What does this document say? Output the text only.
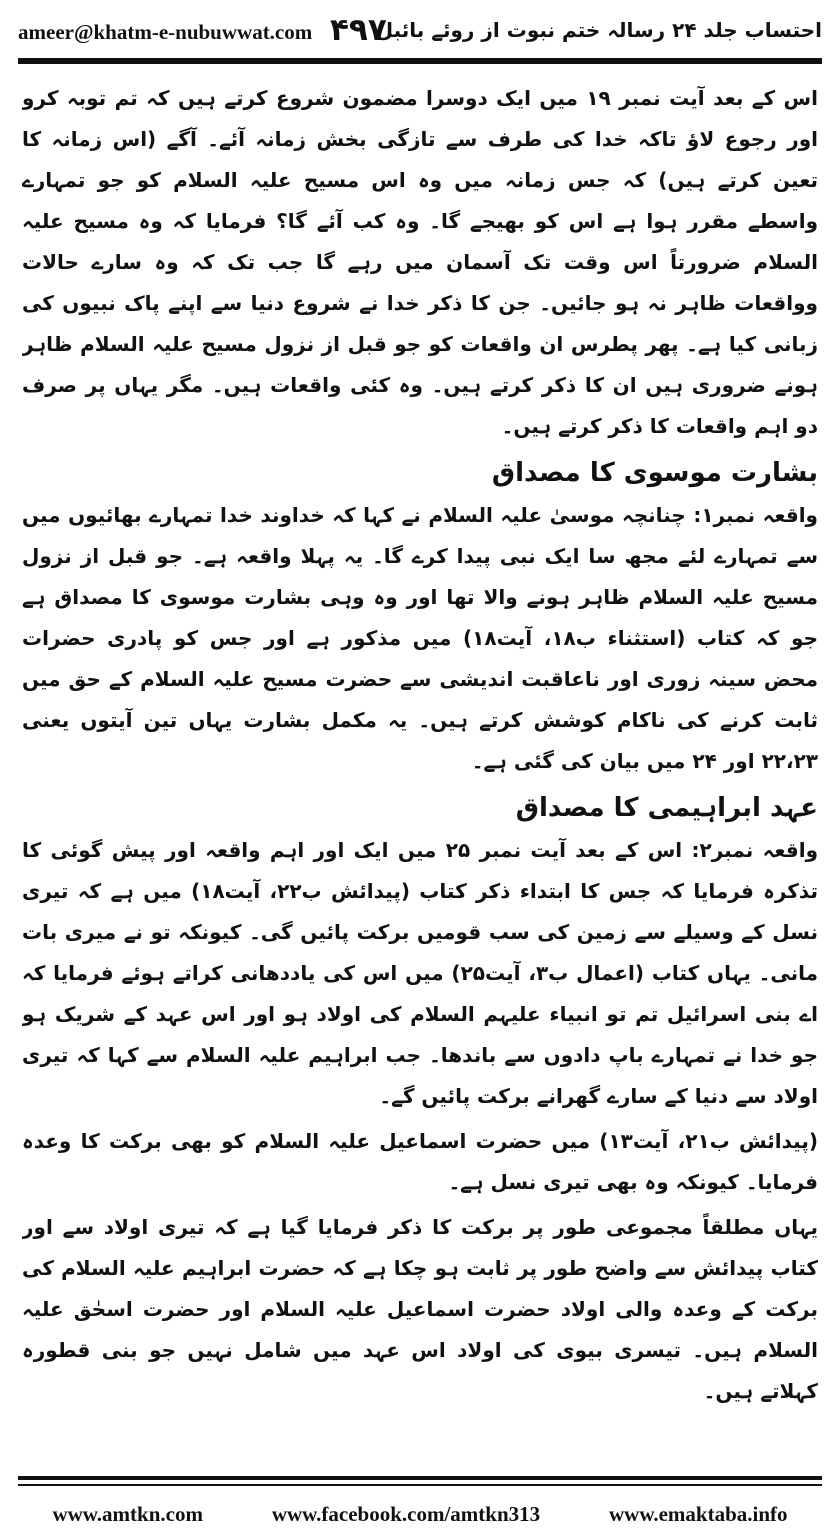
ameer@khatm-e-nubuwwat.com ۴۹۷
احتساب جلد ۲۴ رسالہ ختم نبوت از روئے بائبل

اس کے بعد آیت نمبر ۱۹ میں ایک دوسرا مضمون شروع کرتے ہیں کہ تم توبہ کرو اور رجوع لاؤ تاکہ خدا کی طرف سے تازگی بخش زمانہ آئے۔ آگے (اس زمانہ کا تعین کرتے ہیں) کہ جس زمانہ میں وہ اس مسیح علیہ السلام کو جو تمہارے واسطے مقرر ہوا ہے اس کو بھیجے گا۔ وہ کب آئے گا؟ فرمایا کہ وہ مسیح علیہ السلام ضرورتاً اس وقت تک آسمان میں رہے گا جب تک کہ وہ سارے حالات وواقعات ظاہر نہ ہو جائیں۔ جن کا ذکر خدا نے شروع دنیا سے اپنے پاک نبیوں کی زبانی کیا ہے۔ پھر پطرس ان واقعات کو جو قبل از نزول مسیح علیہ السلام ظاہر ہونے ضروری ہیں ان کا ذکر کرتے ہیں۔ وہ کئی واقعات ہیں۔ مگر یہاں پر صرف دو اہم واقعات کا ذکر کرتے ہیں۔

بشارت موسوی کا مصداق

واقعہ نمبر۱: چنانچہ موسیٰ علیہ السلام نے کہا کہ خداوند خدا تمہارے بھائیوں میں سے تمہارے لئے مجھ سا ایک نبی پیدا کرے گا۔ یہ پہلا واقعہ ہے۔ جو قبل از نزول مسیح علیہ السلام ظاہر ہونے والا تھا اور وہ وہی بشارت موسوی کا مصداق ہے جو کہ کتاب (استثناء ب۱۸، آیت۱۸) میں مذکور ہے اور جس کو پادری حضرات محض سینہ زوری اور ناعاقبت اندیشی سے حضرت مسیح علیہ السلام کے حق میں ثابت کرنے کی ناکام کوشش کرتے ہیں۔ یہ مکمل بشارت یہاں تین آیتوں یعنی ۲۲،۲۳ اور ۲۴ میں بیان کی گئی ہے۔

عہد ابراہیمی کا مصداق

واقعہ نمبر۲: اس کے بعد آیت نمبر ۲۵ میں ایک اور اہم واقعہ اور پیش گوئی کا تذکرہ فرمایا کہ جس کا ابتداء ذکر کتاب (پیدائش ب۲۲، آیت۱۸) میں ہے کہ تیری نسل کے وسیلے سے زمین کی سب قومیں برکت پائیں گی۔ کیونکہ تو نے میری بات مانی۔ یہاں کتاب (اعمال ب۳، آیت۲۵) میں اس کی یاددھانی کراتے ہوئے فرمایا کہ اے بنی اسرائیل تم تو انبیاء علیہم السلام کی اولاد ہو اور اس عہد کے شریک ہو جو خدا نے تمہارے باپ دادوں سے باندھا۔ جب ابراہیم علیہ السلام سے کہا کہ تیری اولاد سے دنیا کے سارے گھرانے برکت پائیں گے۔

(پیدائش ب۲۱، آیت۱۳) میں حضرت اسماعیل علیہ السلام کو بھی برکت کا وعدہ فرمایا۔ کیونکہ وہ بھی تیری نسل ہے۔

یہاں مطلقاً مجموعی طور پر برکت کا ذکر فرمایا گیا ہے کہ تیری اولاد سے اور کتاب پیدائش سے واضح طور پر ثابت ہو چکا ہے کہ حضرت ابراہیم علیہ السلام کی برکت کے وعدہ والی اولاد حضرت اسماعیل علیہ السلام اور حضرت اسحٰق علیہ السلام ہیں۔ تیسری بیوی کی اولاد اس عہد میں شامل نہیں جو بنی قطورہ کہلاتے ہیں۔

www.amtkn.com	www.facebook.com/amtkn313	www.emaktaba.info
